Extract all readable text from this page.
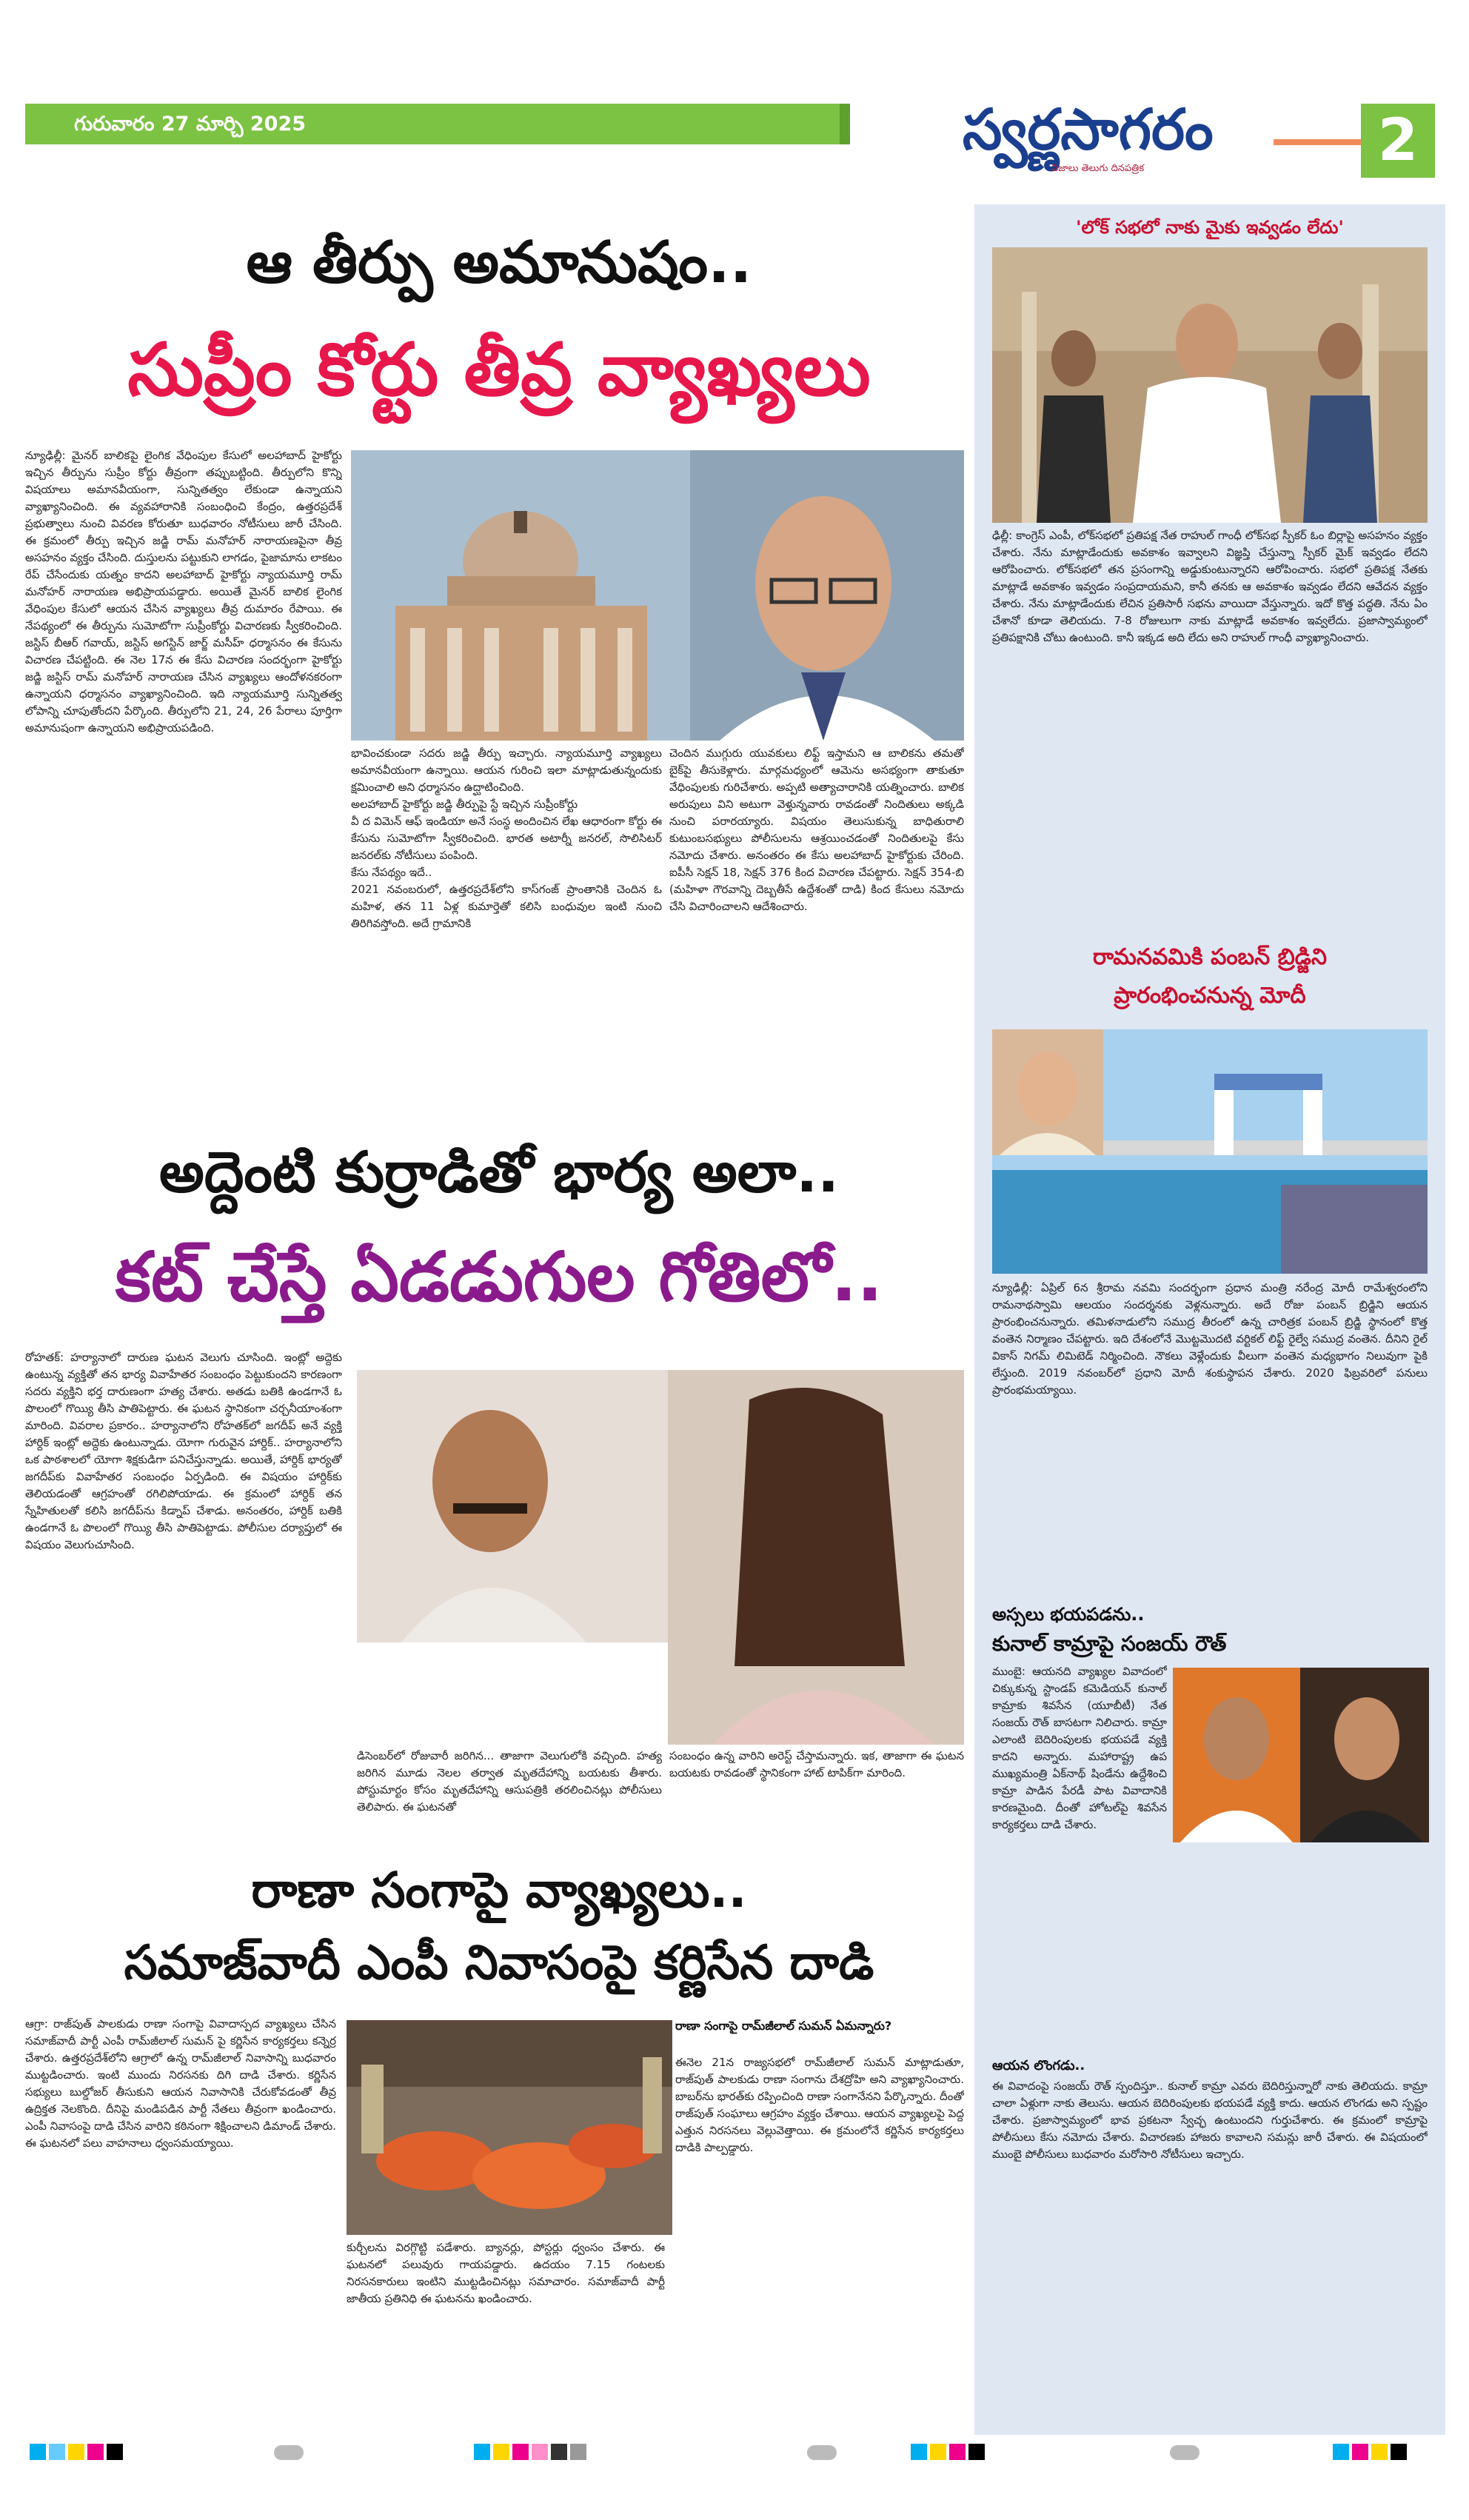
గురువారం 27 మార్చి 2025	స్వర్ణసాగరం
నిజాలు తెలుగు దినపత్రిక	2
ఆ తీర్పు అమానుషం..
సుప్రీం కోర్టు తీవ్ర వ్యాఖ్యలు
న్యూఢిల్లీ: మైనర్ బాలికపై లైంగిక వేధింపుల కేసులో అలహాబాద్ హైకోర్టు ఇచ్చిన తీర్పును సుప్రీం కోర్టు తీవ్రంగా తప్పుబట్టింది. తీర్పులోని కొన్ని విషయాలు అమానవీయంగా, సున్నితత్వం లేకుండా ఉన్నాయని వ్యాఖ్యానించింది. ఈ వ్యవహారానికి సంబంధించి కేంద్రం, ఉత్తరప్రదేశ్ ప్రభుత్వాలు నుంచి వివరణ కోరుతూ బుధవారం నోటీసులు జారీ చేసింది. ఈ క్రమంలో తీర్పు ఇచ్చిన జడ్జి రామ్ మనోహర్ నారాయణపైనా తీవ్ర అసహనం వ్యక్తం చేసింది. దుస్తులను పట్టుకుని లాగడం, పైజామాను లాకటం రేప్ చేసేందుకు యత్నం కాదని అలహాబాద్ హైకోర్టు న్యాయమూర్తి రామ్ మనోహర్ నారాయణ అభిప్రాయపడ్డారు. అయితే మైనర్ బాలిక లైంగిక వేధింపుల కేసులో ఆయన చేసిన వ్యాఖ్యలు తీవ్ర దుమారం రేపాయి. ఈ నేపథ్యంలో ఈ తీర్పును సుమోటోగా సుప్రీంకోర్టు విచారణకు స్వీకరించింది. జస్టిస్ బీఆర్ గవాయ్, జస్టిస్ అగస్టిన్ జార్జ్ మసీహ్ ధర్మాసనం ఈ కేసును విచారణ చేపట్టింది. ఈ నెల 17న ఈ కేసు విచారణ సందర్భంగా హైకోర్టు జడ్జి జస్టిస్ రామ్ మనోహర్ నారాయణ చేసిన వ్యాఖ్యలు ఆందోళనకరంగా ఉన్నాయని ధర్మాసనం వ్యాఖ్యానించింది. ఇది న్యాయమూర్తి సున్నితత్వ లోపాన్ని చూపుతోందని పేర్కొంది. తీర్పులోని 21, 24, 26 పేరాలు పూర్తిగా అమానుషంగా ఉన్నాయని అభిప్రాయపడింది.
భావించకుండా సదరు జడ్జి తీర్పు ఇచ్చారు. న్యాయమూర్తి వ్యాఖ్యలు అమానవీయంగా ఉన్నాయి. ఆయన గురించి ఇలా మాట్లాడుతున్నందుకు క్షమించాలి అని ధర్మాసనం ఉద్ఘాటించింది.
అలహాబాద్ హైకోర్టు జడ్జి తీర్పుపై స్టే ఇచ్చిన సుప్రీంకోర్టు
వీ ద విమెన్ ఆఫ్ ఇండియా అనే సంస్థ అందించిన లేఖ ఆధారంగా కోర్టు ఈ కేసును సుమోటోగా స్వీకరించింది. భారత అటార్నీ జనరల్, సొలిసిటర్ జనరల్‌కు నోటీసులు పంపింది.
కేసు నేపథ్యం ఇదే..
2021 నవంబరులో, ఉత్తరప్రదేశ్‌లోని కాస్‌గంజ్ ప్రాంతానికి చెందిన ఓ మహిళ, తన 11 ఏళ్ల కుమార్తెతో కలిసి బంధువుల ఇంటి నుంచి తిరిగివస్తోంది. అదే గ్రామానికి
చెందిన ముగ్గురు యువకులు లిఫ్ట్ ఇస్తామని ఆ బాలికను తమతో బైక్‌పై తీసుకెళ్లారు. మార్గమధ్యంలో ఆమెను అసభ్యంగా తాకుతూ వేధింపులకు గురిచేశారు. అప్పటి అత్యాచారానికి యత్నించారు. బాలిక అరుపులు విని అటుగా వెళ్తున్నవారు రావడంతో నిందితులు అక్కడి నుంచి పరారయ్యారు. విషయం తెలుసుకున్న బాధితురాలి కుటుంబసభ్యులు పోలీసులను ఆశ్రయించడంతో నిందితులపై కేసు నమోదు చేశారు. అనంతరం ఈ కేసు అలహాబాద్ హైకోర్టుకు చేరింది. ఐపీసీ సెక్షన్ 18, సెక్షన్ 376 కింద విచారణ చేపట్టారు. సెక్షన్ 354-బి (మహిళా గౌరవాన్ని దెబ్బతీసే ఉద్దేశంతో దాడి) కింద కేసులు నమోదు చేసి విచారించాలని ఆదేశించారు.
అద్దెంటి కుర్రాడితో భార్య అలా..
కట్ చేస్తే ఏడడుగుల గోతిలో..
రోహతక్: హర్యానాలో దారుణ ఘటన వెలుగు చూసింది. ఇంట్లో అద్దెకు ఉంటున్న వ్యక్తితో తన భార్య వివాహేతర సంబంధం పెట్టుకుందని కారణంగా సదరు వ్యక్తిని భర్త దారుణంగా హత్య చేశారు. అతడు బతికి ఉండగానే ఓ పొలంలో గొయ్యి తీసి పాతిపెట్టారు. ఈ ఘటన స్థానికంగా చర్చనీయాంశంగా మారింది. వివరాల ప్రకారం.. హర్యానాలోని రోహతక్‌లో జగదీప్ అనే వ్యక్తి హార్దిక్ ఇంట్లో అద్దెకు ఉంటున్నాడు. యోగా గురువైన హార్దిక్.. హర్యానాలోని ఒక పాఠశాలలో యోగా శిక్షకుడిగా పనిచేస్తున్నాడు. అయితే, హార్దిక్ భార్యతో జగదీప్‌కు వివాహేతర సంబంధం ఏర్పడింది. ఈ విషయం హార్దిక్‌కు తెలియడంతో ఆగ్రహంతో రగిలిపోయాడు. ఈ క్రమంలో హార్దిక్ తన స్నేహితులతో కలిసి జగదీప్‌ను కిడ్నాప్ చేశాడు. అనంతరం, హార్దిక్ బతికి ఉండగానే ఓ పొలంలో గొయ్యి తీసి పాతిపెట్టాడు. పోలీసుల దర్యాప్తులో ఈ విషయం వెలుగుచూసింది.
డిసెంబర్‌లో రోజువారీ జరిగిన... తాజాగా వెలుగులోకి వచ్చింది. హత్య జరిగిన మూడు నెలల తర్వాత మృతదేహాన్ని బయటకు తీశారు. పోస్టుమార్టం కోసం మృతదేహాన్ని ఆసుపత్రికి తరలించినట్లు పోలీసులు తెలిపారు. ఈ ఘటనతో
సంబంధం ఉన్న వారిని అరెస్ట్ చేస్తామన్నారు. ఇక, తాజాగా ఈ ఘటన బయటకు రావడంతో స్థానికంగా హాట్ టాపిక్‌గా మారింది.
రాణా సంగాపై వ్యాఖ్యలు..
సమాజ్‌వాదీ ఎంపీ నివాసంపై కర్ణిసేన దాడి
ఆగ్రా: రాజ్‌పుత్ పాలకుడు రాణా సంగాపై వివాదాస్పద వ్యాఖ్యలు చేసిన సమాజ్‌వాదీ పార్టీ ఎంపీ రామ్‌జీలాల్ సుమన్ పై కర్ణిసేన కార్యకర్తలు కన్నెర్ర చేశారు. ఉత్తరప్రదేశ్‌లోని ఆగ్రాలో ఉన్న రామ్‌జీలాల్ నివాసాన్ని బుధవారం ముట్టడించారు. ఇంటి ముందు నిరసనకు దిగి దాడి చేశారు. కర్ణిసేన సభ్యులు బుల్డోజర్ తీసుకుని ఆయన నివాసానికి చేరుకోవడంతో తీవ్ర ఉద్రిక్తత నెలకొంది. దీనిపై మండిపడిన పార్టీ నేతలు తీవ్రంగా ఖండించారు. ఎంపీ నివాసంపై దాడి చేసిన వారిని కఠినంగా శిక్షించాలని డిమాండ్ చేశారు. ఈ ఘటనలో పలు వాహనాలు ధ్వంసమయ్యాయి.
కుర్చీలను విరగ్గొట్టి పడేశారు. బ్యానర్లు, పోస్టర్లు ధ్వంసం చేశారు. ఈ ఘటనలో పలువురు గాయపడ్డారు. ఉదయం 7.15 గంటలకు నిరసనకారులు ఇంటిని ముట్టడించినట్లు సమాచారం. సమాజ్‌వాదీ పార్టీ జాతీయ ప్రతినిధి ఈ ఘటనను ఖండించారు.
రాణా సంగాపై రామ్‌జీలాల్ సుమన్ ఏమన్నారు?
ఈనెల 21న రాజ్యసభలో రామ్‌జీలాల్ సుమన్ మాట్లాడుతూ, రాజ్‌పుత్ పాలకుడు రాణా సంగాను దేశద్రోహి అని వ్యాఖ్యానించారు. బాబర్‌ను భారత్‌కు రప్పించింది రాణా సంగానేనని పేర్కొన్నారు. దీంతో రాజ్‌పుత్ సంఘాలు ఆగ్రహం వ్యక్తం చేశాయి. ఆయన వ్యాఖ్యలపై పెద్ద ఎత్తున నిరసనలు వెల్లువెత్తాయి. ఈ క్రమంలోనే కర్ణిసేన కార్యకర్తలు దాడికి పాల్పడ్డారు.
'లోక్ సభలో నాకు మైకు ఇవ్వడం లేదు'
ఢిల్లీ: కాంగ్రెస్ ఎంపీ, లోక్‌సభలో ప్రతిపక్ష నేత రాహుల్ గాంధీ లోక్‌సభ స్పీకర్ ఓం బిర్లాపై అసహనం వ్యక్తం చేశారు. నేను మాట్లాడేందుకు అవకాశం ఇవ్వాలని విజ్ఞప్తి చేస్తున్నా స్పీకర్ మైక్ ఇవ్వడం లేదని ఆరోపించారు. లోక్‌సభలో తన ప్రసంగాన్ని అడ్డుకుంటున్నారని ఆరోపించారు. సభలో ప్రతిపక్ష నేతకు మాట్లాడే అవకాశం ఇవ్వడం సంప్రదాయమని, కానీ తనకు ఆ అవకాశం ఇవ్వడం లేదని ఆవేదన వ్యక్తం చేశారు. నేను మాట్లాడేందుకు లేచిన ప్రతిసారీ సభను వాయిదా వేస్తున్నారు. ఇదో కొత్త పద్ధతి. నేను ఏం చేశానో కూడా తెలియదు. 7-8 రోజులుగా నాకు మాట్లాడే అవకాశం ఇవ్వలేదు. ప్రజాస్వామ్యంలో ప్రతిపక్షానికి చోటు ఉంటుంది. కానీ ఇక్కడ అది లేదు అని రాహుల్ గాంధీ వ్యాఖ్యానించారు.
రామనవమికి పంబన్ బ్రిడ్జిని
ప్రారంభించనున్న మోదీ
న్యూఢిల్లీ: ఏప్రిల్ 6న శ్రీరామ నవమి సందర్భంగా ప్రధాన మంత్రి నరేంద్ర మోదీ రామేశ్వరంలోని రామనాథస్వామి ఆలయం సందర్శనకు వెళ్లనున్నారు. అదే రోజు పంబన్ బ్రిడ్జిని ఆయన ప్రారంభించనున్నారు. తమిళనాడులోని సముద్ర తీరంలో ఉన్న చారిత్రక పంబన్ బ్రిడ్జి స్థానంలో కొత్త వంతెన నిర్మాణం చేపట్టారు. ఇది దేశంలోనే మొట్టమొదటి వర్టికల్ లిఫ్ట్ రైల్వే సముద్ర వంతెన. దీనిని రైల్ వికాస్ నిగమ్ లిమిటెడ్ నిర్మించింది. నౌకలు వెళ్లేందుకు వీలుగా వంతెన మధ్యభాగం నిలువుగా పైకి లేస్తుంది. 2019 నవంబర్‌లో ప్రధాని మోదీ శంకుస్థాపన చేశారు. 2020 ఫిబ్రవరిలో పనులు ప్రారంభమయ్యాయి.
అస్సలు భయపడను..
కునాల్ కామ్రాపై సంజయ్ రౌత్
ముంబై: ఆయనది వ్యాఖ్యల వివాదంలో చిక్కుకున్న స్టాండప్ కమెడియన్ కునాల్ కామ్రాకు శివసేన (యూబీటీ) నేత సంజయ్ రౌత్ బాసటగా నిలిచారు. కామ్రా ఎలాంటి బెదిరింపులకు భయపడే వ్యక్తి కాదని అన్నారు. మహారాష్ట్ర ఉప ముఖ్యమంత్రి ఏక్‌నాథ్ షిండేను ఉద్దేశించి కామ్రా పాడిన పేరడీ పాట వివాదానికి కారణమైంది. దీంతో హోటల్‌పై శివసేన కార్యకర్తలు దాడి చేశారు.
ఆయన లొంగడు..
ఈ వివాదంపై సంజయ్ రౌత్ స్పందిస్తూ.. కునాల్ కామ్రా ఎవరు బెదిరిస్తున్నారో నాకు తెలియదు. కామ్రా చాలా ఏళ్లుగా నాకు తెలుసు. ఆయన బెదిరింపులకు భయపడే వ్యక్తి కాదు. ఆయన లొంగడు అని స్పష్టం చేశారు. ప్రజాస్వామ్యంలో భావ ప్రకటనా స్వేచ్ఛ ఉంటుందని గుర్తుచేశారు. ఈ క్రమంలో కామ్రాపై పోలీసులు కేసు నమోదు చేశారు. విచారణకు హాజరు కావాలని సమన్లు జారీ చేశారు. ఈ విషయంలో ముంబై పోలీసులు బుధవారం మరోసారి నోటీసులు ఇచ్చారు.
